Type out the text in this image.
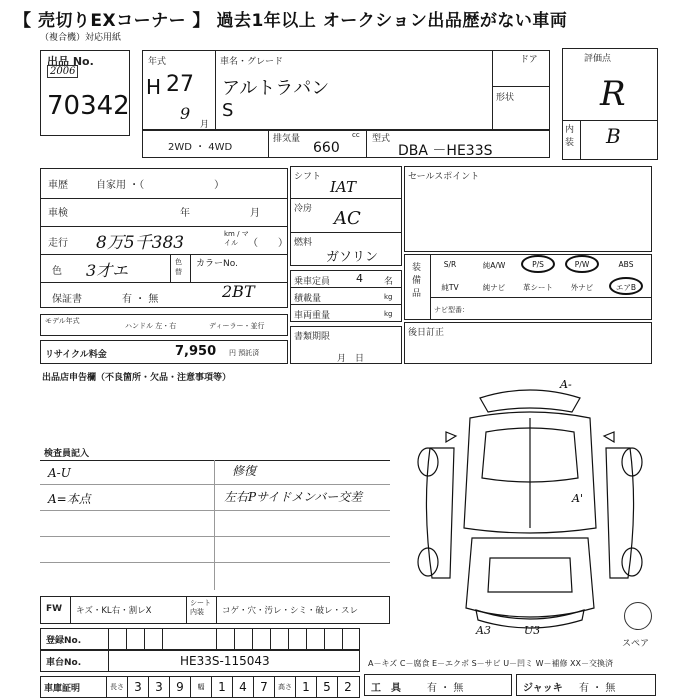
【 売切りEXコーナー 】 過去1年以上 オークション出品歴がない車両
（複合機）対応用紙
出品 No.
2006
70342
年式
H 27
9
月
車名・グレード
アルトラパン
S
ドア
形状
2WD ・ 4WD
排気量	cc
660
型式
DBA －HE33S
評価点
R
内装 B
車歴	自家用 ・（　　　　　　　）
車検	年	月
走行 8万5千383	km / マイル	（　　）
色 3才エ	色替
カラーNo.
保証書	有 ・ 無	2BT
モデル年式
ハンドル 左・右	ディーラー・並行
リサイクル料金	7,950 円 預託済
シフト
IAT
冷房 AC
燃料
ガソリン
乗車定員 4 名
積載量	kg
車両重量	kg
書類期限
月　日
セールスポイント
装備品
S/R	純A/W	P/S	P/W	ABS
純TV	純ナビ	革シート	外ナビ	エアB
ナビ型番：
後日訂正
出品店申告欄（不良箇所・欠品・注意事項等）
検査員記入
A-U	修復
A=本点	左右Pサイドメンバー交差
FW キズ・KL右・割レX
シート内装	コゲ・穴・汚レ・シミ・破レ・スレ
登録No.
車台No.	HE33S-115043
車庫証明	長さ 3	3	9	幅	1	4	7	高さ 1	5	2
A－キズ C－腐食 E－エクボ S－サビ U－凹ミ W－補修 XX－交換済
工　具	有 ・ 無	ジャッキ 有 ・ 無
スペア
A-
A'
A3	U3
